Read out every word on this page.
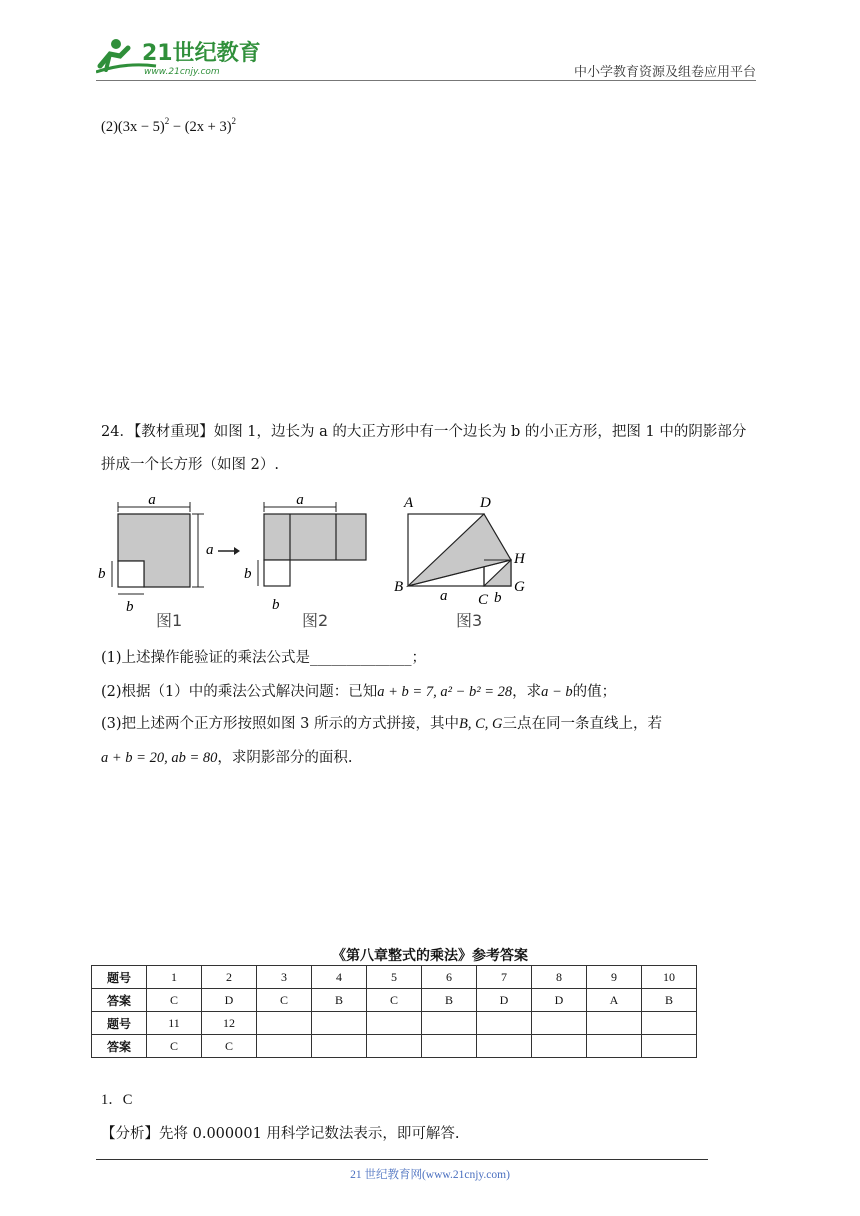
21世纪教育
www.21cnjy.com	中小学教育资源及组卷应用平台
$(2)(3x - 5)^2 - (2x + 3)^2$
24．【教材重现】如图 1，边长为 a 的大正方形中有一个边长为 b 的小正方形，把图 1 中的阴影部分
拼成一个长方形（如图 2）.
a
a
b
b
图1
a
b
b
图2
A	D
H
B
C b
G
a
图3
(1)上述操作能验证的乘法公式是______________；
(2)根据（1）中的乘法公式解决问题：已知a + b = 7, a² − b² = 28，求a − b的值；
(3)把上述两个正方形按照如图 3 所示的方式拼接，其中B, C, G三点在同一条直线上，若
a + b = 20, ab = 80，求阴影部分的面积.
《第八章整式的乘法》参考答案
题号	1	2	3	4	5	6	7	8	9	10
答案	C	D	C	B	C	B	D	D	A	B
题号	11	12								
答案	C	C								
1．C
【分析】先将 0.000001 用科学记数法表示，即可解答.
21 世纪教育网(www.21cnjy.com)
